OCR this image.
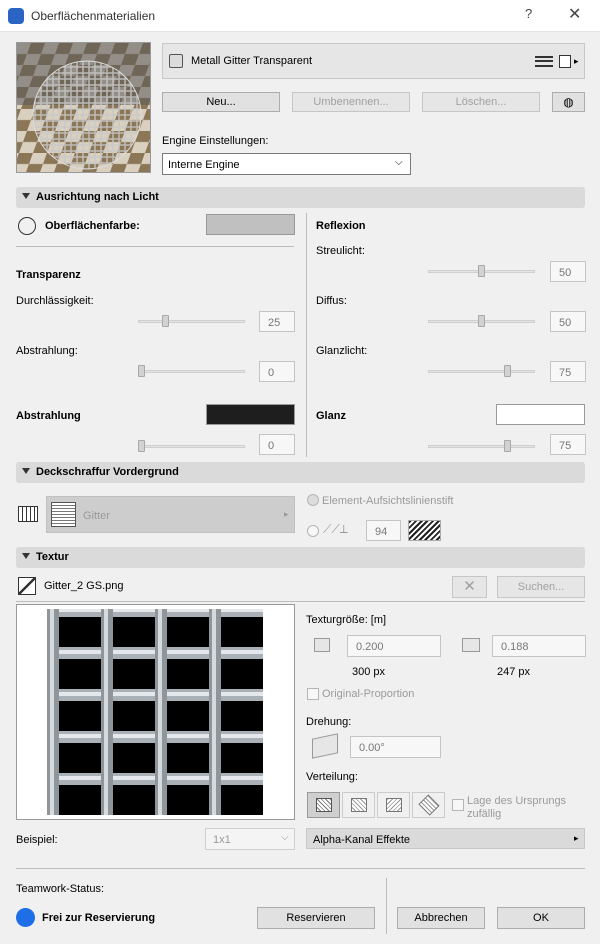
Oberflächenmaterialien	? ✕
Metall Gitter Transparent	▸
Neu...	Umbenennen...	Löschen...	◍
Engine Einstellungen:
Interne Engine	⌵
Ausrichtung nach Licht
Oberflächenfarbe:
Transparenz
Durchlässigkeit:
25
Abstrahlung:
0
Abstrahlung
0
Reflexion
Streulicht:
50
Diffus:
50
Glanzlicht:
75
Glanz
75
Deckschraffur Vordergrund
Gitter	▸
Element-Aufsichtslinienstift
⟋⟋⊥	94
Textur
Gitter_2 GS.png	✕	Suchen...
Texturgröße: [m]
0.200	0.188
300 px	247 px
Original-Proportion
Drehung:
0.00°
Verteilung:
Lage des Ursprungs
zufällig
Beispiel:	1x1	⌵ Alpha-Kanal Effekte	▸
Teamwork-Status:
Frei zur Reservierung	Reservieren	Abbrechen	OK
